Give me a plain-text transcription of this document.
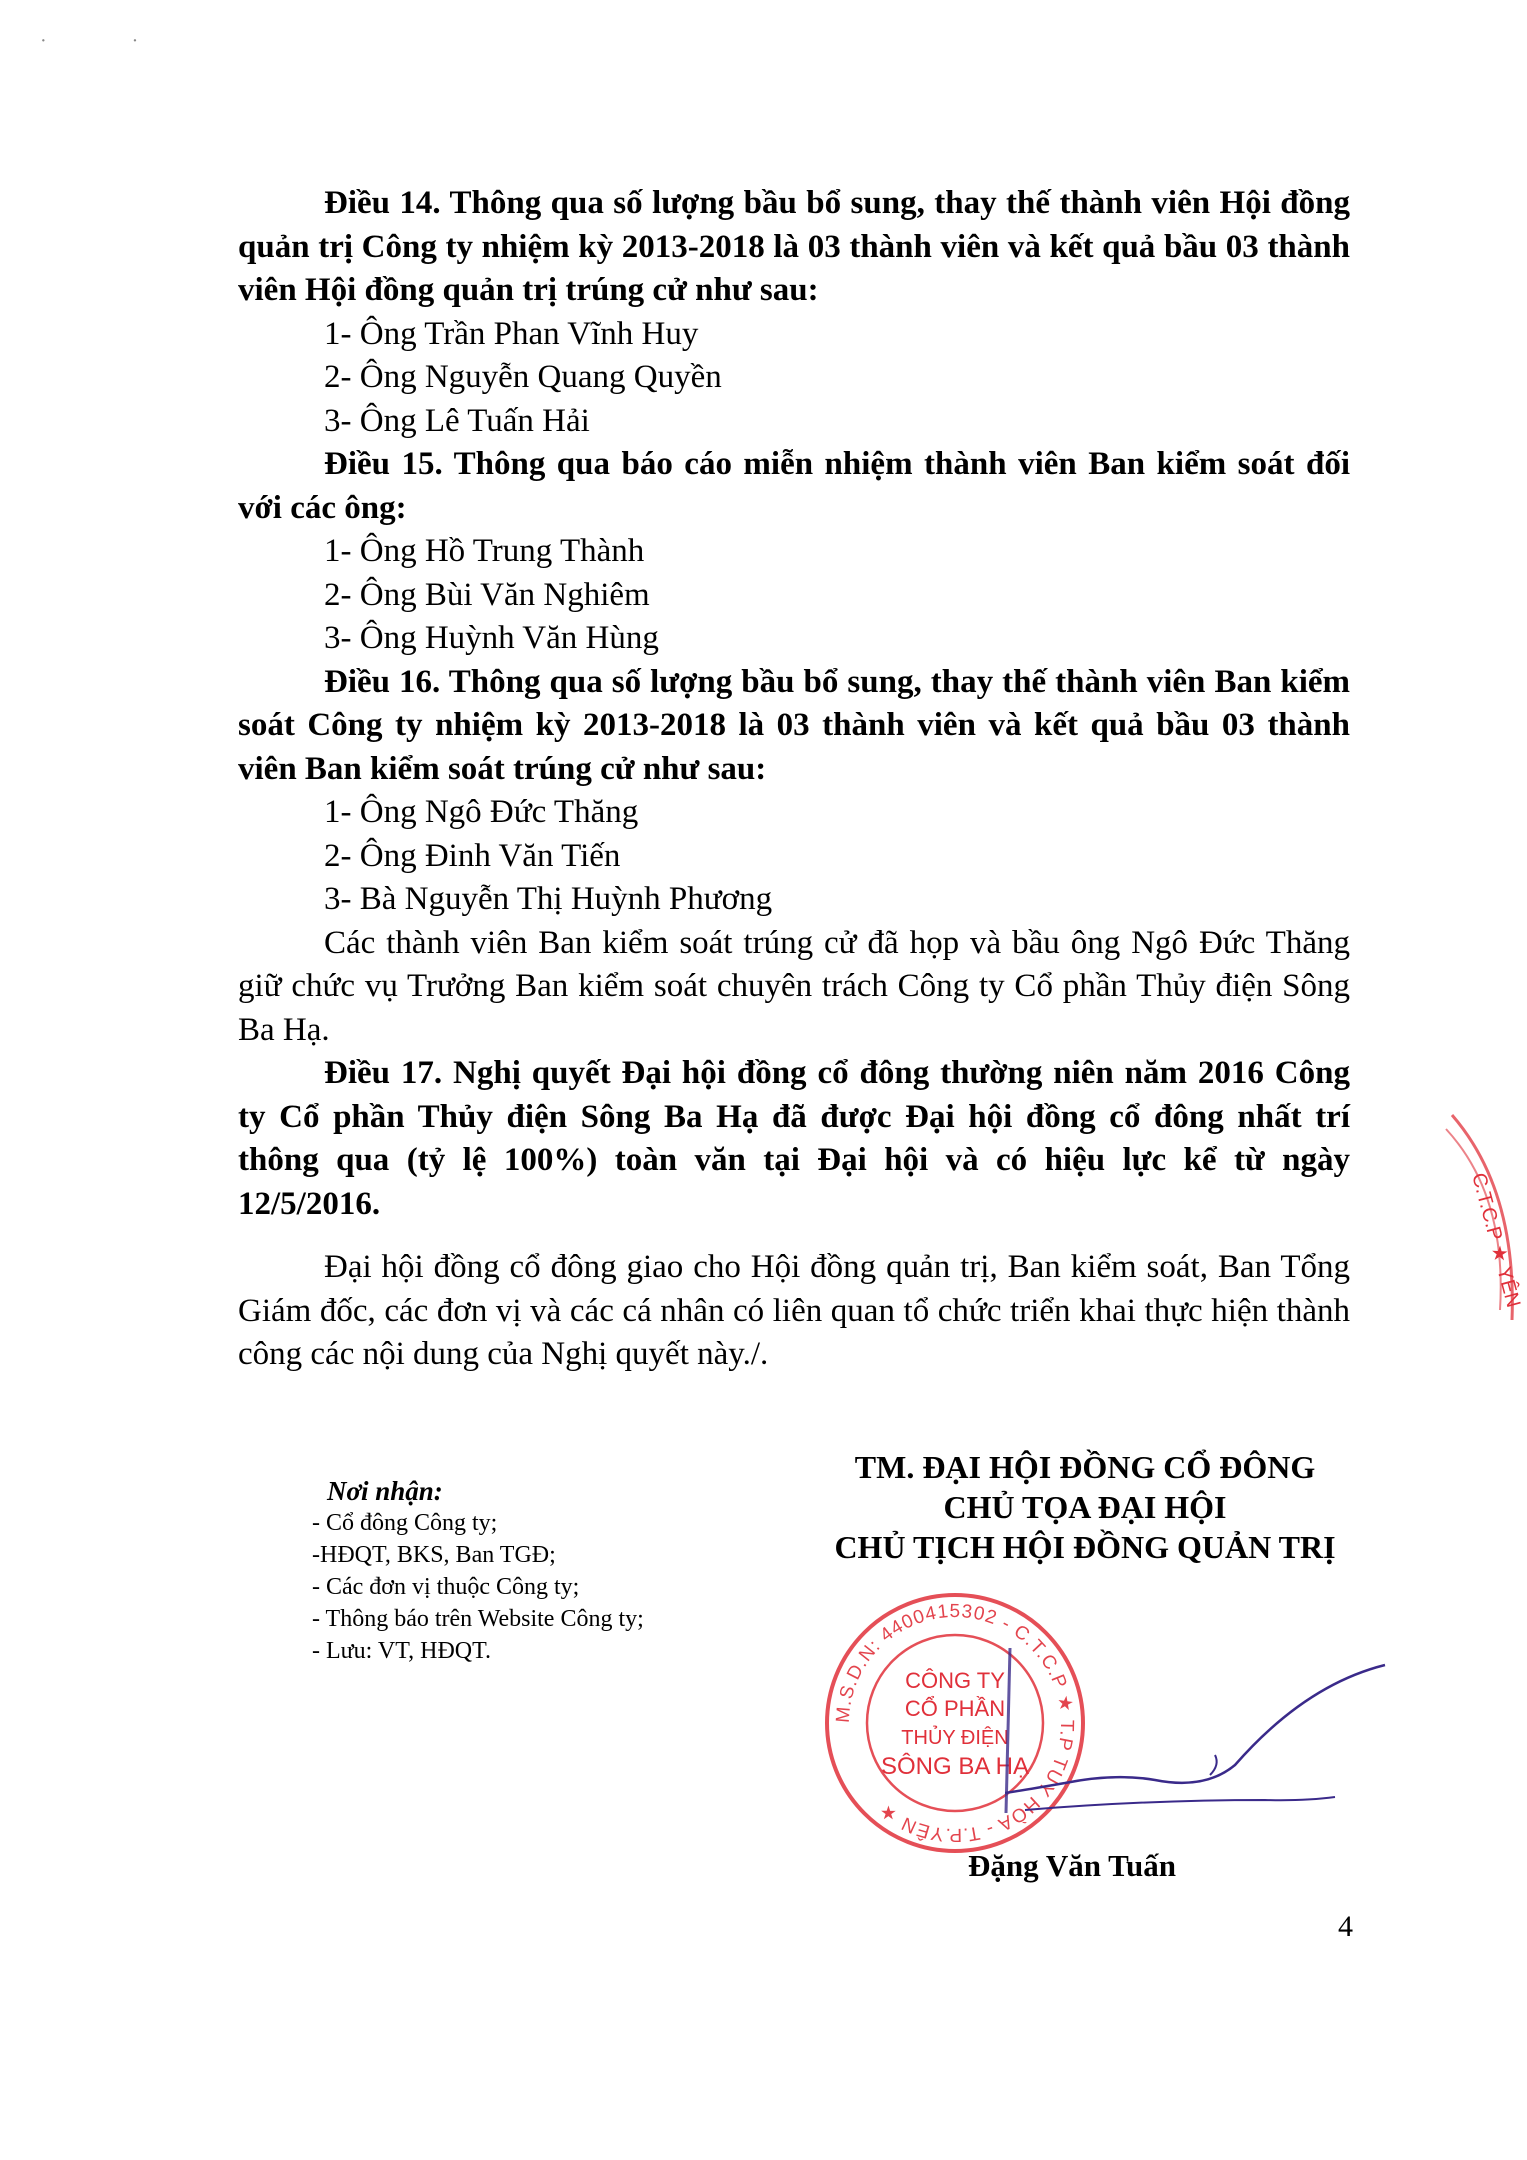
· ·

Điều 14. Thông qua số lượng bầu bổ sung, thay thế thành viên Hội đồng quản trị Công ty nhiệm kỳ 2013-2018 là 03 thành viên và kết quả bầu 03 thành viên Hội đồng quản trị trúng cử như sau:

1- Ông Trần Phan Vĩnh Huy

2- Ông Nguyễn Quang Quyền

3- Ông Lê Tuấn Hải

Điều 15. Thông qua báo cáo miễn nhiệm thành viên Ban kiểm soát đối với các ông:

1- Ông Hồ Trung Thành

2- Ông Bùi Văn Nghiêm

3- Ông Huỳnh Văn Hùng

Điều 16. Thông qua số lượng bầu bổ sung, thay thế thành viên Ban kiểm soát Công ty nhiệm kỳ 2013-2018 là 03 thành viên và kết quả bầu 03 thành viên Ban kiểm soát trúng cử như sau:

1- Ông Ngô Đức Thăng

2- Ông Đinh Văn Tiến

3- Bà Nguyễn Thị Huỳnh Phương

Các thành viên Ban kiểm soát trúng cử đã họp và bầu ông Ngô Đức Thăng giữ chức vụ Trưởng Ban kiểm soát chuyên trách Công ty Cổ phần Thủy điện Sông Ba Hạ.

Điều 17. Nghị quyết Đại hội đồng cổ đông thường niên năm 2016 Công ty Cổ phần Thủy điện Sông Ba Hạ đã được Đại hội đồng cổ đông nhất trí thông qua (tỷ lệ 100%) toàn văn tại Đại hội và có hiệu lực kể từ ngày 12/5/2016.

Đại hội đồng cổ đông giao cho Hội đồng quản trị, Ban kiểm soát, Ban Tổng Giám đốc, các đơn vị và các cá nhân có liên quan tổ chức triển khai thực hiện thành công các nội dung của Nghị quyết này./.

C.T.C.P ★ YÊN
Nơi nhận:
- Cổ đông Công ty;
-HĐQT, BKS, Ban TGĐ;
- Các đơn vị thuộc Công ty;
- Thông báo trên Website Công ty;
- Lưu: VT, HĐQT.
TM. ĐẠI HỘI ĐỒNG CỔ ĐÔNG
CHỦ TỌA ĐẠI HỘI
CHỦ TỊCH HỘI ĐỒNG QUẢN TRỊ
M.S.D.N: 4400415302 - C.T.C.P ★ T.P TUY HÒA - T.P.YÊN ★
CÔNG TY
CỔ PHẦN
THỦY ĐIỆN
SÔNG BA HẠ
Đặng Văn Tuấn
4
